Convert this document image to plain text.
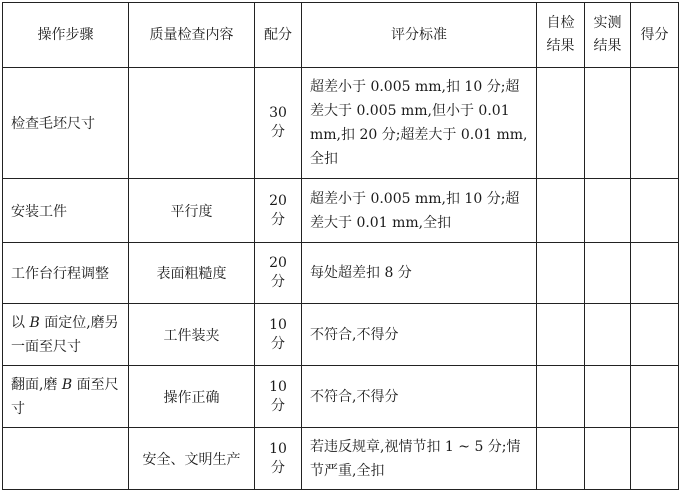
操作步骤	质量检查内容	配分	评分标准	自检结果	实测结果	得分
检查毛坯尺寸		30 分	超差小于 0.005 mm,扣 10 分;超差大于 0.005 mm,但小于 0.01 mm,扣 20 分;超差大于 0.01 mm,全扣			
安装工件	平行度	20 分	超差小于 0.005 mm,扣 10 分;超差大于 0.01 mm,全扣			
工作台行程调整	表面粗糙度	20 分	每处超差扣 8 分			
以 B 面定位,磨另一面至尺寸	工件装夹	10 分	不符合,不得分			
翻面,磨 B 面至尺寸	操作正确	10 分	不符合,不得分			
	安全、文明生产	10 分	若违反规章,视情节扣 1 ~ 5 分;情节严重,全扣			
